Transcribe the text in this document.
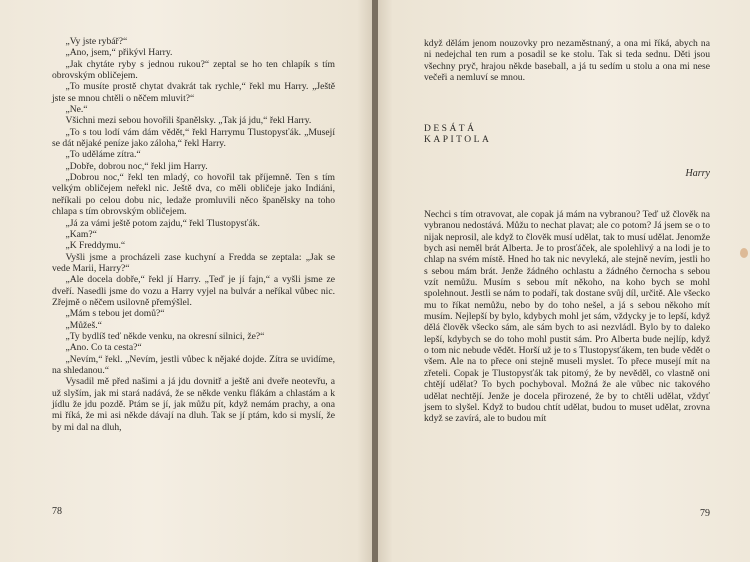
„Vy jste rybář?“

„Ano, jsem,“ přikývl Harry.

„Jak chytáte ryby s jednou rukou?“ zeptal se ho ten chlapík s tím obrovským obličejem.

„To musíte prostě chytat dvakrát tak rychle,“ řekl mu Harry. „Ještě jste se mnou chtěli o něčem mluvit?“

„Ne.“

Všichni mezi sebou hovořili španělsky. „Tak já jdu,“ řekl Harry.

„To s tou lodí vám dám vědět,“ řekl Harrymu Tlustopysťák. „Musejí se dát nějaké peníze jako záloha,“ řekl Harry.

„To uděláme zítra.“

„Dobře, dobrou noc,“ řekl jim Harry.

„Dobrou noc,“ řekl ten mladý, co hovořil tak příjemně. Ten s tím velkým obličejem neřekl nic. Ještě dva, co měli obličeje jako Indiáni, neříkali po celou dobu nic, ledaže promluvili něco španělsky na toho chlapa s tím obrovským obličejem.

„Já za vámi ještě potom zajdu,“ řekl Tlustopysťák.

„Kam?“

„K Freddymu.“

Vyšli jsme a procházeli zase kuchyní a Fredda se zeptala: „Jak se vede Marii, Harry?“

„Ale docela dobře,“ řekl jí Harry. „Teď je jí fajn,“ a vyšli jsme ze dveří. Nasedli jsme do vozu a Harry vyjel na bulvár a neříkal vůbec nic. Zřejmě o něčem usilovně přemýšlel.

„Mám s tebou jet domů?“

„Můžeš.“

„Ty bydlíš teď někde venku, na okresní silnici, že?“

„Ano. Co ta cesta?“

„Nevím,“ řekl. „Nevím, jestli vůbec k nějaké dojde. Zítra se uvidíme, na shledanou.“

Vysadil mě před našimi a já jdu dovnitř a ještě ani dveře neotevřu, a už slyším, jak mi stará nadává, že se někde venku flákám a chlastám a k jídlu že jdu pozdě. Ptám se jí, jak můžu pít, když nemám prachy, a ona mi říká, že mi asi někde dávají na dluh. Tak se jí ptám, kdo si myslí, že by mi dal na dluh,

78

když dělám jenom nouzovky pro nezaměstnaný, a ona mi říká, abych na ni nedejchal ten rum a posadil se ke stolu. Tak si teda sednu. Děti jsou všechny pryč, hrajou někde baseball, a já tu sedím u stolu a ona mi nese večeři a nemluví se mnou.

DESÁTÁ
KAPITOLA
Harry

Nechci s tím otravovat, ale copak já mám na vybranou? Teď už člověk na vybranou nedostává. Můžu to nechat plavat; ale co potom? Já jsem se o to nijak neprosil, ale když to člověk musí udělat, tak to musí udělat. Jenomže bych asi neměl brát Alberta. Je to prosťáček, ale spolehlivý a na lodi je to chlap na svém místě. Hned ho tak nic nevyleká, ale stejně nevím, jestli ho s sebou mám brát. Jenže žádného ochlastu a žádného černocha s sebou vzít nemůžu. Musím s sebou mít někoho, na koho bych se mohl spolehnout. Jestli se nám to podaří, tak dostane svůj díl, určitě. Ale všecko mu to říkat nemůžu, nebo by do toho nešel, a já s sebou někoho mít musím. Nejlepší by bylo, kdybych mohl jet sám, vždycky je to lepší, když dělá člověk všecko sám, ale sám bych to asi nezvládl. Bylo by to daleko lepší, kdybych se do toho mohl pustit sám. Pro Alberta bude nejlíp, když o tom nic nebude vědět. Horší už je to s Tlustopysťákem, ten bude vědět o všem. Ale na to přece oni stejně museli myslet. To přece musejí mít na zřeteli. Copak je Tlustopysťák tak pitomý, že by nevěděl, co vlastně oni chtějí udělat? To bych pochyboval. Možná že ale vůbec nic takového udělat nechtějí. Jenže je docela přirozené, že by to chtěli udělat, vždyť jsem to slyšel. Když to budou chtít udělat, budou to muset udělat, zrovna když se zavírá, ale to budou mít

79
